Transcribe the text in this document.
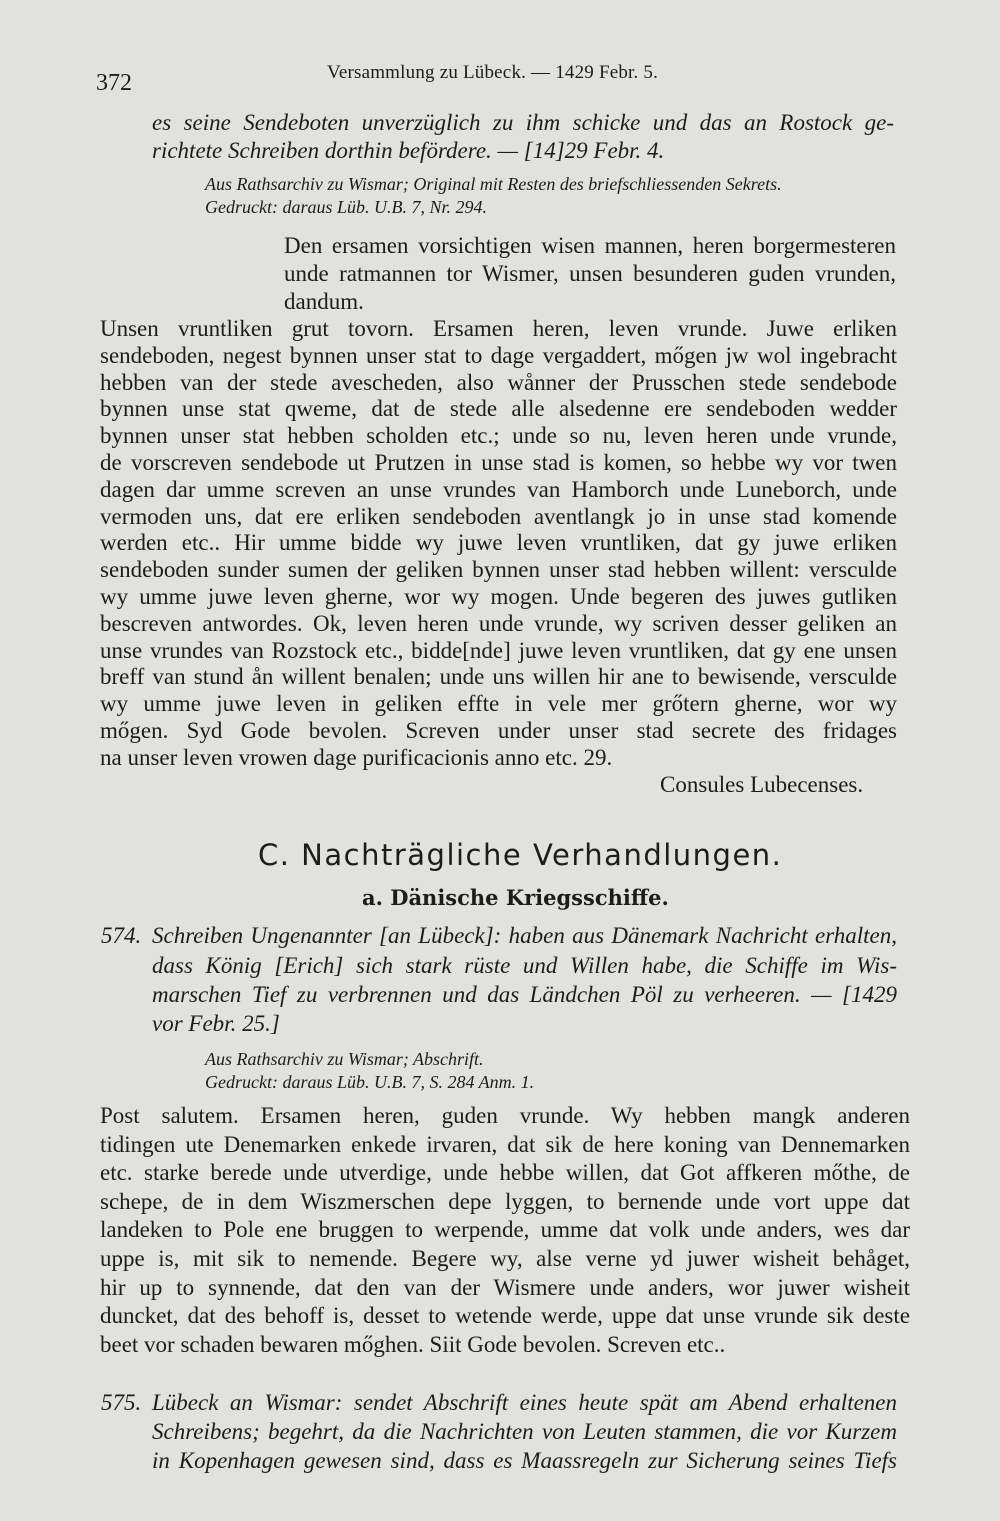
372	Versammlung zu Lübeck. — 1429 Febr. 5.
es seine Sendeboten unverzüglich zu ihm schicke und das an Rostock ge-
richtete Schreiben dorthin befördere. — [14]29 Febr. 4.
Aus Rathsarchiv zu Wismar; Original mit Resten des briefschliessenden Sekrets.
Gedruckt: daraus Lüb. U.B. 7, Nr. 294.
Den ersamen vorsichtigen wisen mannen, heren borgermesteren
unde ratmannen tor Wismer, unsen besunderen guden vrunden,
dandum.
Unsen vruntliken grut tovorn. Ersamen heren, leven vrunde. Juwe erliken
sendeboden, negest bynnen unser stat to dage vergaddert, mőgen jw wol ingebracht
hebben van der stede avescheden, also wånner der Prusschen stede sendebode
bynnen unse stat qweme, dat de stede alle alsedenne ere sendeboden wedder
bynnen unser stat hebben scholden etc.; unde so nu, leven heren unde vrunde,
de vorscreven sendebode ut Prutzen in unse stad is komen, so hebbe wy vor twen
dagen dar umme screven an unse vrundes van Hamborch unde Luneborch, unde
vermoden uns, dat ere erliken sendeboden aventlangk jo in unse stad komende
werden etc.. Hir umme bidde wy juwe leven vruntliken, dat gy juwe erliken
sendeboden sunder sumen der geliken bynnen unser stad hebben willent: versculde
wy umme juwe leven gherne, wor wy mogen. Unde begeren des juwes gutliken
bescreven antwordes. Ok, leven heren unde vrunde, wy scriven desser geliken an
unse vrundes van Rozstock etc., bidde[nde] juwe leven vruntliken, dat gy ene unsen
breff van stund ån willent benalen; unde uns willen hir ane to bewisende, versculde
wy umme juwe leven in geliken effte in vele mer grőtern gherne, wor wy
mőgen. Syd Gode bevolen. Screven under unser stad secrete des fridages
na unser leven vrowen dage purificacionis anno etc. 29.
Consules Lubecenses.
C. Nachträgliche Verhandlungen.
a. Dänische Kriegsschiffe.
574. Schreiben Ungenannter [an Lübeck]: haben aus Dänemark Nachricht erhalten,
dass König [Erich] sich stark rüste und Willen habe, die Schiffe im Wis-
marschen Tief zu verbrennen und das Ländchen Pöl zu verheeren. — [1429
vor Febr. 25.]
Aus Rathsarchiv zu Wismar; Abschrift.
Gedruckt: daraus Lüb. U.B. 7, S. 284 Anm. 1.
Post salutem. Ersamen heren, guden vrunde. Wy hebben mangk anderen
tidingen ute Denemarken enkede irvaren, dat sik de here koning van Dennemarken
etc. starke berede unde utverdige, unde hebbe willen, dat Got affkeren mőthe, de
schepe, de in dem Wiszmerschen depe lyggen, to bernende unde vort uppe dat
landeken to Pole ene bruggen to werpende, umme dat volk unde anders, wes dar
uppe is, mit sik to nemende. Begere wy, alse verne yd juwer wisheit behåget,
hir up to synnende, dat den van der Wismere unde anders, wor juwer wisheit
duncket, dat des behoff is, desset to wetende werde, uppe dat unse vrunde sik deste
beet vor schaden bewaren mőghen. Siit Gode bevolen. Screven etc..
575. Lübeck an Wismar: sendet Abschrift eines heute spät am Abend erhaltenen
Schreibens; begehrt, da die Nachrichten von Leuten stammen, die vor Kurzem
in Kopenhagen gewesen sind, dass es Maassregeln zur Sicherung seines Tiefs
